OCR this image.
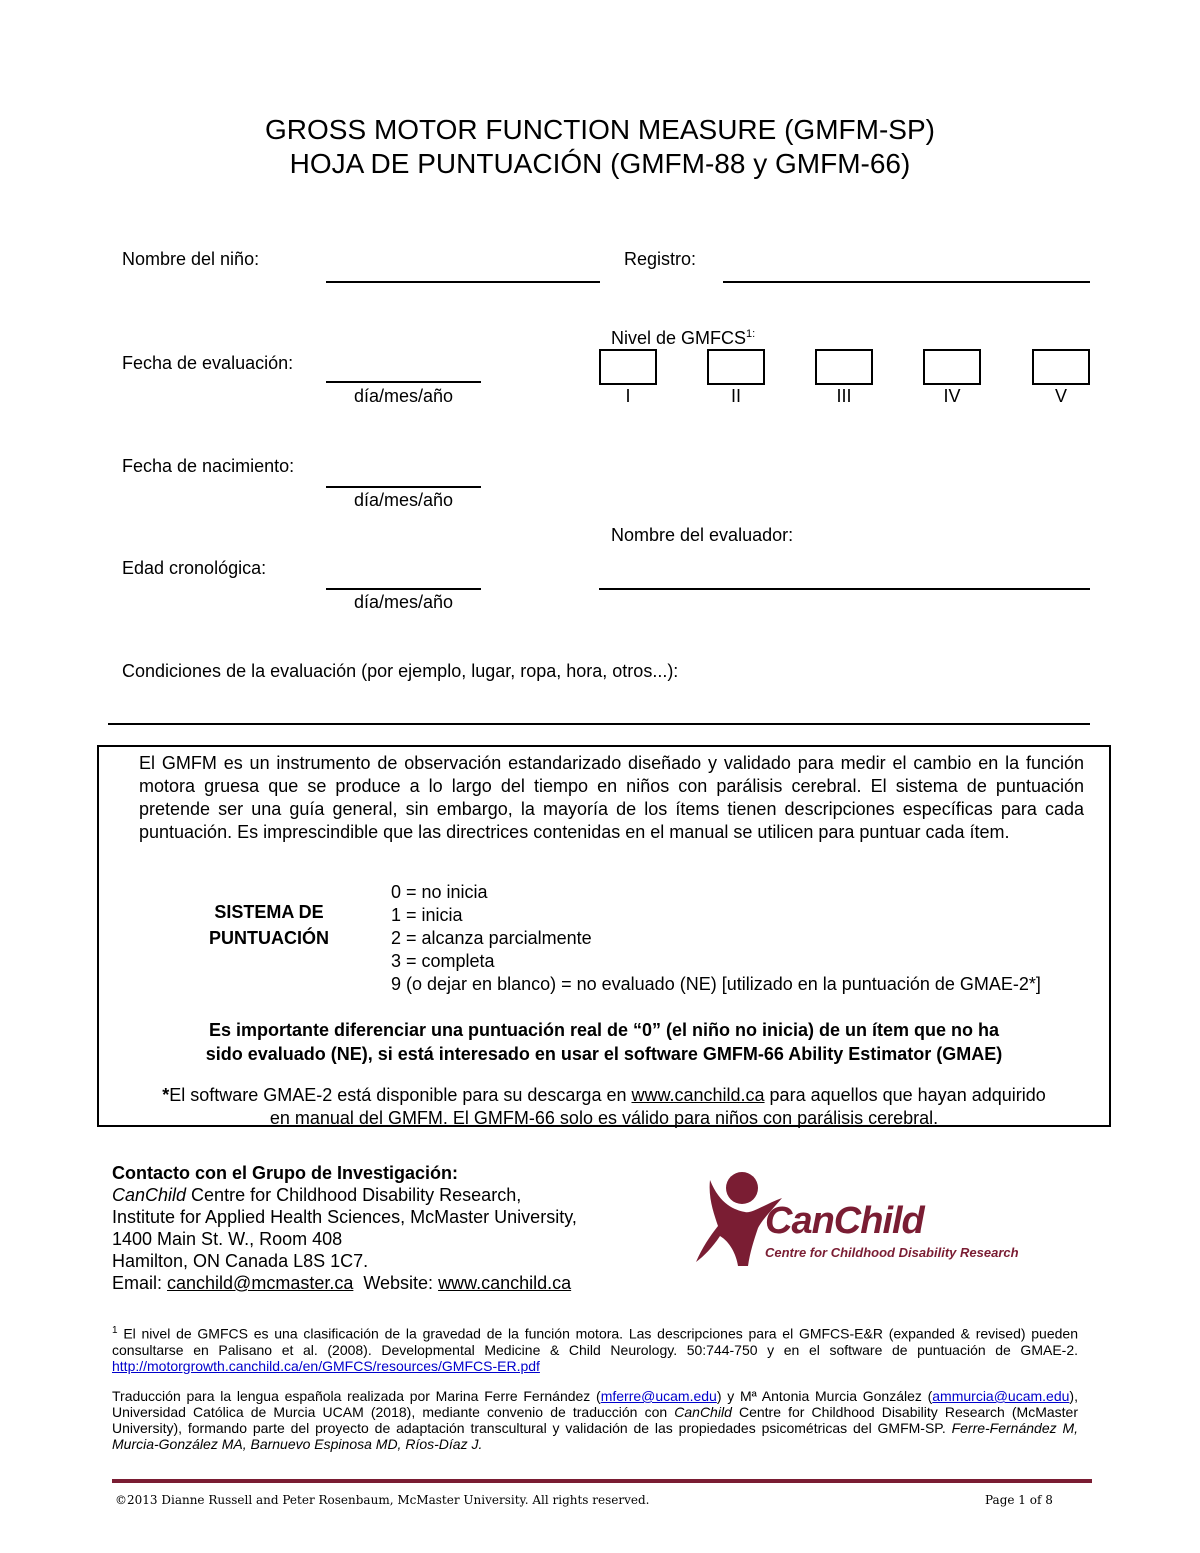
GROSS MOTOR FUNCTION MEASURE (GMFM-SP)
HOJA DE PUNTUACIÓN (GMFM-88 y GMFM-66)
Nombre del niño:	Registro:
Nivel de $GMFCS^{1:}$
I	II	III	IV	V
Fecha de evaluación:
día/mes/año
Fecha de nacimiento:
día/mes/año
Nombre del evaluador:
Edad cronológica:
día/mes/año
Condiciones de la evaluación (por ejemplo, lugar, ropa, hora, otros...):
El GMFM es un instrumento de observación estandarizado diseñado y validado para medir el cambio en la función motora gruesa que se produce a lo largo del tiempo en niños con parálisis cerebral. El sistema de puntuación pretende ser una guía general, sin embargo, la mayoría de los ítems tienen descripciones específicas para cada puntuación. Es imprescindible que las directrices contenidas en el manual se utilicen para puntuar cada ítem.
SISTEMA DE
PUNTUACIÓN
0 = no inicia
1 = inicia
2 = alcanza parcialmente
3 = completa
9 (o dejar en blanco) = no evaluado (NE) [utilizado en la puntuación de GMAE-2*]
Es importante diferenciar una puntuación real de “0” (el niño no inicia) de un ítem que no ha
sido evaluado (NE), si está interesado en usar el software GMFM-66 Ability Estimator (GMAE)
*El software GMAE-2 está disponible para su descarga en www.canchild.ca para aquellos que hayan adquirido
en manual del GMFM. El GMFM-66 solo es válido para niños con parálisis cerebral.
Contacto con el Grupo de Investigación:
CanChild Centre for Childhood Disability Research,
Institute for Applied Health Sciences, McMaster University,
1400 Main St. W., Room 408
Hamilton, ON Canada L8S 1C7.
Email: canchild@mcmaster.ca  Website: www.canchild.ca
CanChild
Centre for Childhood Disability Research
$^1$ El nivel de GMFCS es una clasificación de la gravedad de la función motora. Las descripciones para el GMFCS-E&R (expanded & revised) pueden consultarse en Palisano et al. (2008). Developmental Medicine & Child Neurology. 50:744-750 y en el software de puntuación de GMAE-2. http://motorgrowth.canchild.ca/en/GMFCS/resources/GMFCS-ER.pdf
Traducción para la lengua española realizada por Marina Ferre Fernández (mferre@ucam.edu) y Mª Antonia Murcia González (ammurcia@ucam.edu), Universidad Católica de Murcia UCAM (2018), mediante convenio de traducción con CanChild Centre for Childhood Disability Research (McMaster University), formando parte del proyecto de adaptación transcultural y validación de las propiedades psicométricas del GMFM-SP. Ferre-Fernández M, Murcia-González MA, Barnuevo Espinosa MD, Ríos-Díaz J.
©2013 Dianne Russell and Peter Rosenbaum, McMaster University. All rights reserved.	Page 1 of 8
